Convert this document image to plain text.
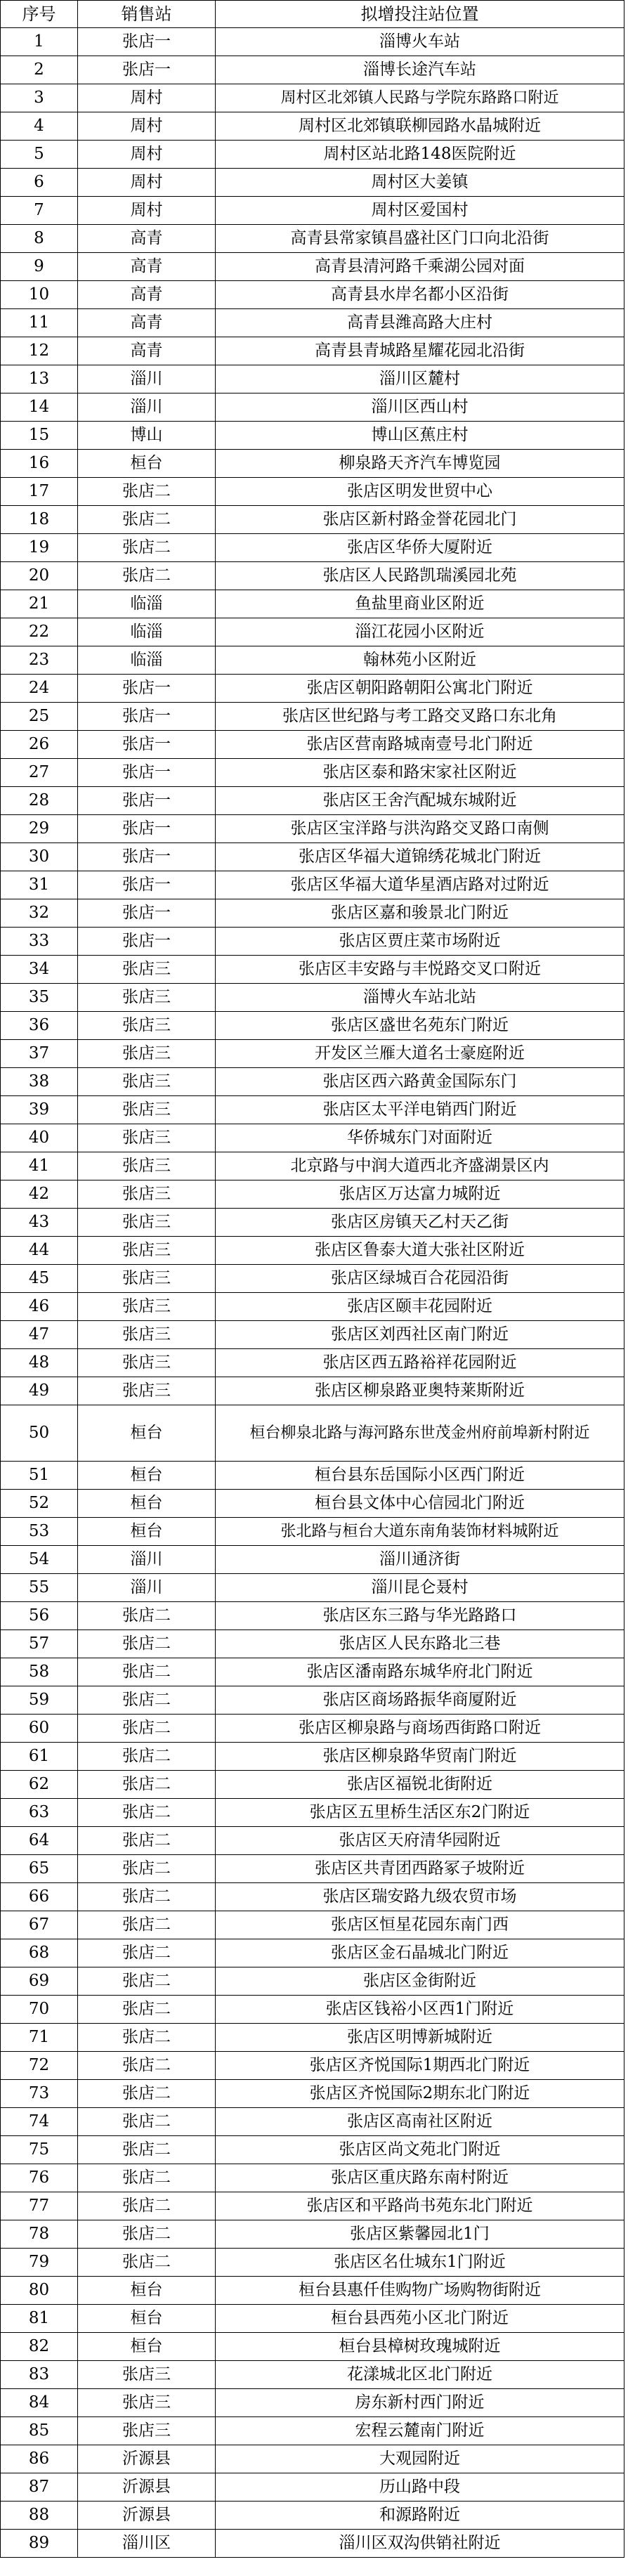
序号	销售站	拟增投注站位置
1	张店一	淄博火车站
2	张店一	淄博长途汽车站
3	周村	周村区北郊镇人民路与学院东路路口附近
4	周村	周村区北郊镇联柳园路水晶城附近
5	周村	周村区站北路148医院附近
6	周村	周村区大姜镇
7	周村	周村区爱国村
8	高青	高青县常家镇昌盛社区门口向北沿街
9	高青	高青县清河路千乘湖公园对面
10	高青	高青县水岸名都小区沿街
11	高青	高青县潍高路大庄村
12	高青	高青县青城路星耀花园北沿街
13	淄川	淄川区麓村
14	淄川	淄川区西山村
15	博山	博山区蕉庄村
16	桓台	柳泉路天齐汽车博览园
17	张店二	张店区明发世贸中心
18	张店二	张店区新村路金誉花园北门
19	张店二	张店区华侨大厦附近
20	张店二	张店区人民路凯瑞溪园北苑
21	临淄	鱼盐里商业区附近
22	临淄	淄江花园小区附近
23	临淄	翰林苑小区附近
24	张店一	张店区朝阳路朝阳公寓北门附近
25	张店一	张店区世纪路与考工路交叉路口东北角
26	张店一	张店区营南路城南壹号北门附近
27	张店一	张店区泰和路宋家社区附近
28	张店一	张店区王舍汽配城东城附近
29	张店一	张店区宝洋路与洪沟路交叉路口南侧
30	张店一	张店区华福大道锦绣花城北门附近
31	张店一	张店区华福大道华星酒店路对过附近
32	张店一	张店区嘉和骏景北门附近
33	张店一	张店区贾庄菜市场附近
34	张店三	张店区丰安路与丰悦路交叉口附近
35	张店三	淄博火车站北站
36	张店三	张店区盛世名苑东门附近
37	张店三	开发区兰雁大道名士豪庭附近
38	张店三	张店区西六路黄金国际东门
39	张店三	张店区太平洋电销西门附近
40	张店三	华侨城东门对面附近
41	张店三	北京路与中润大道西北齐盛湖景区内
42	张店三	张店区万达富力城附近
43	张店三	张店区房镇天乙村天乙街
44	张店三	张店区鲁泰大道大张社区附近
45	张店三	张店区绿城百合花园沿街
46	张店三	张店区颐丰花园附近
47	张店三	张店区刘西社区南门附近
48	张店三	张店区西五路裕祥花园附近
49	张店三	张店区柳泉路亚奥特莱斯附近
50	桓台	桓台柳泉北路与海河路东世茂金州府前埠新村附近
51	桓台	桓台县东岳国际小区西门附近
52	桓台	桓台县文体中心信园北门附近
53	桓台	张北路与桓台大道东南角装饰材料城附近
54	淄川	淄川通济街
55	淄川	淄川昆仑聂村
56	张店二	张店区东三路与华光路路口
57	张店二	张店区人民东路北三巷
58	张店二	张店区潘南路东城华府北门附近
59	张店二	张店区商场路振华商厦附近
60	张店二	张店区柳泉路与商场西街路口附近
61	张店二	张店区柳泉路华贸南门附近
62	张店二	张店区福锐北街附近
63	张店二	张店区五里桥生活区东2门附近
64	张店二	张店区天府清华园附近
65	张店二	张店区共青团西路冢子坡附近
66	张店二	张店区瑞安路九级农贸市场
67	张店二	张店区恒星花园东南门西
68	张店二	张店区金石晶城北门附近
69	张店二	张店区金街附近
70	张店二	张店区钱裕小区西1门附近
71	张店二	张店区明博新城附近
72	张店二	张店区齐悦国际1期西北门附近
73	张店二	张店区齐悦国际2期东北门附近
74	张店二	张店区高南社区附近
75	张店二	张店区尚文苑北门附近
76	张店二	张店区重庆路东南村附近
77	张店二	张店区和平路尚书苑东北门附近
78	张店二	张店区紫馨园北1门
79	张店二	张店区名仕城东1门附近
80	桓台	桓台县惠仟佳购物广场购物街附近
81	桓台	桓台县西苑小区北门附近
82	桓台	桓台县樟树玫瑰城附近
83	张店三	花漾城北区北门附近
84	张店三	房东新村西门附近
85	张店三	宏程云麓南门附近
86	沂源县	大观园附近
87	沂源县	历山路中段
88	沂源县	和源路附近
89	淄川区	淄川区双沟供销社附近
